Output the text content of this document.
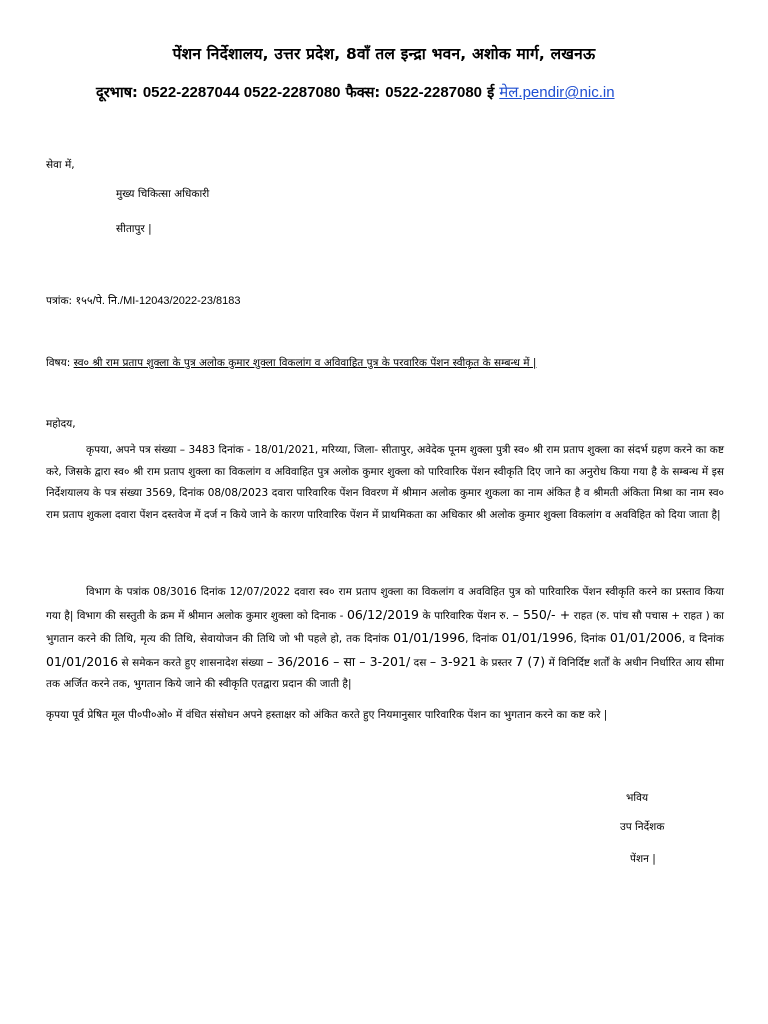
पेंशन निर्देशालय, उत्तर प्रदेश, 8वाँ तल इन्द्रा भवन, अशोक मार्ग, लखनऊ
दूरभाष: 0522-2287044 0522-2287080 फैक्स: 0522-2287080 ई मेल.pendir@nic.in
सेवा में,
मुख्य चिकित्सा अधिकारी
सीतापुर |
पत्रांक: १५५/पे. नि./MI-12043/2022-23/8183
विषय: स्व० श्री राम प्रताप शुक्ला के पुत्र अलोक कुमार शुक्ला विकलांग व अविवाहित पुत्र के परवारिक पेंशन स्वीकृत के सम्बन्ध में |
महोदय,
कृपया, अपने पत्र संख्या – 3483 दिनांक - 18/01/2021, मरिय्या, जिला- सीतापुर, अवेदेक पूनम शुक्ला पुत्री स्व० श्री राम प्रताप शुक्ला का संदर्भ ग्रहण करने का कष्ट करे, जिसके द्वारा स्व० श्री राम प्रताप शुक्ला का विकलांग व अविवाहित पुत्र अलोक कुमार शुक्ला को पारिवारिक पेंशन स्वीकृति दिए जाने का अनुरोध किया गया है के सम्बन्ध में इस निर्देशयालय के पत्र संख्या 3569, दिनांक 08/08/2023 दवारा पारिवारिक पेंशन विवरण में श्रीमान अलोक कुमार शुकला का नाम अंकित है व श्रीमती अंकिता मिश्रा का नाम स्व० राम प्रताप शुकला दवारा पेंशन दस्तवेज में दर्ज न किये जाने के कारण पारिवारिक पेंशन में प्राथमिकता का अधिकार श्री अलोक कुमार शुक्ला विकलांग व अवविहित को दिया जाता है|
विभाग के पत्रांक 08/3016 दिनांक 12/07/2022 दवारा स्व० राम प्रताप शुक्ला का विकलांग व अवविहित पुत्र को पारिवारिक पेंशन स्वीकृति करने का प्रस्ताव किया गया है| विभाग की सस्तुती के क्रम में श्रीमान अलोक कुमार शुक्ला को दिनाक - 06/12/2019 के पारिवारिक पेंशन रु. – 550/- + राहत (रु. पांच सौ पचास + राहत ) का भुगतान करने की तिथि, मृत्य की तिथि, सेवायोजन की तिथि जो भी पहले हो, तक दिनांक 01/01/1996, दिनांक 01/01/1996, दिनांक 01/01/2006, व दिनांक 01/01/2016 से समेकन करते हुए शासनादेश संख्या – 36/2016 – सा – 3-201/ दस – 3-921 के प्रस्तर 7 (7) में विनिर्दिष्ट शर्तों के अधीन निर्धारित आय सीमा तक अर्जित करने तक, भुगतान किये जाने की स्वीकृति एतद्वारा प्रदान की जाती है|
कृपया पूर्व प्रेषित मूल पी०पी०ओ० में वंधित संसोधन अपने हस्ताक्षर को अंकित करते हुए नियमानुसार पारिवारिक पेंशन का भुगतान करने का कष्ट करे |
भविय
उप निर्देशक
पेंशन |
